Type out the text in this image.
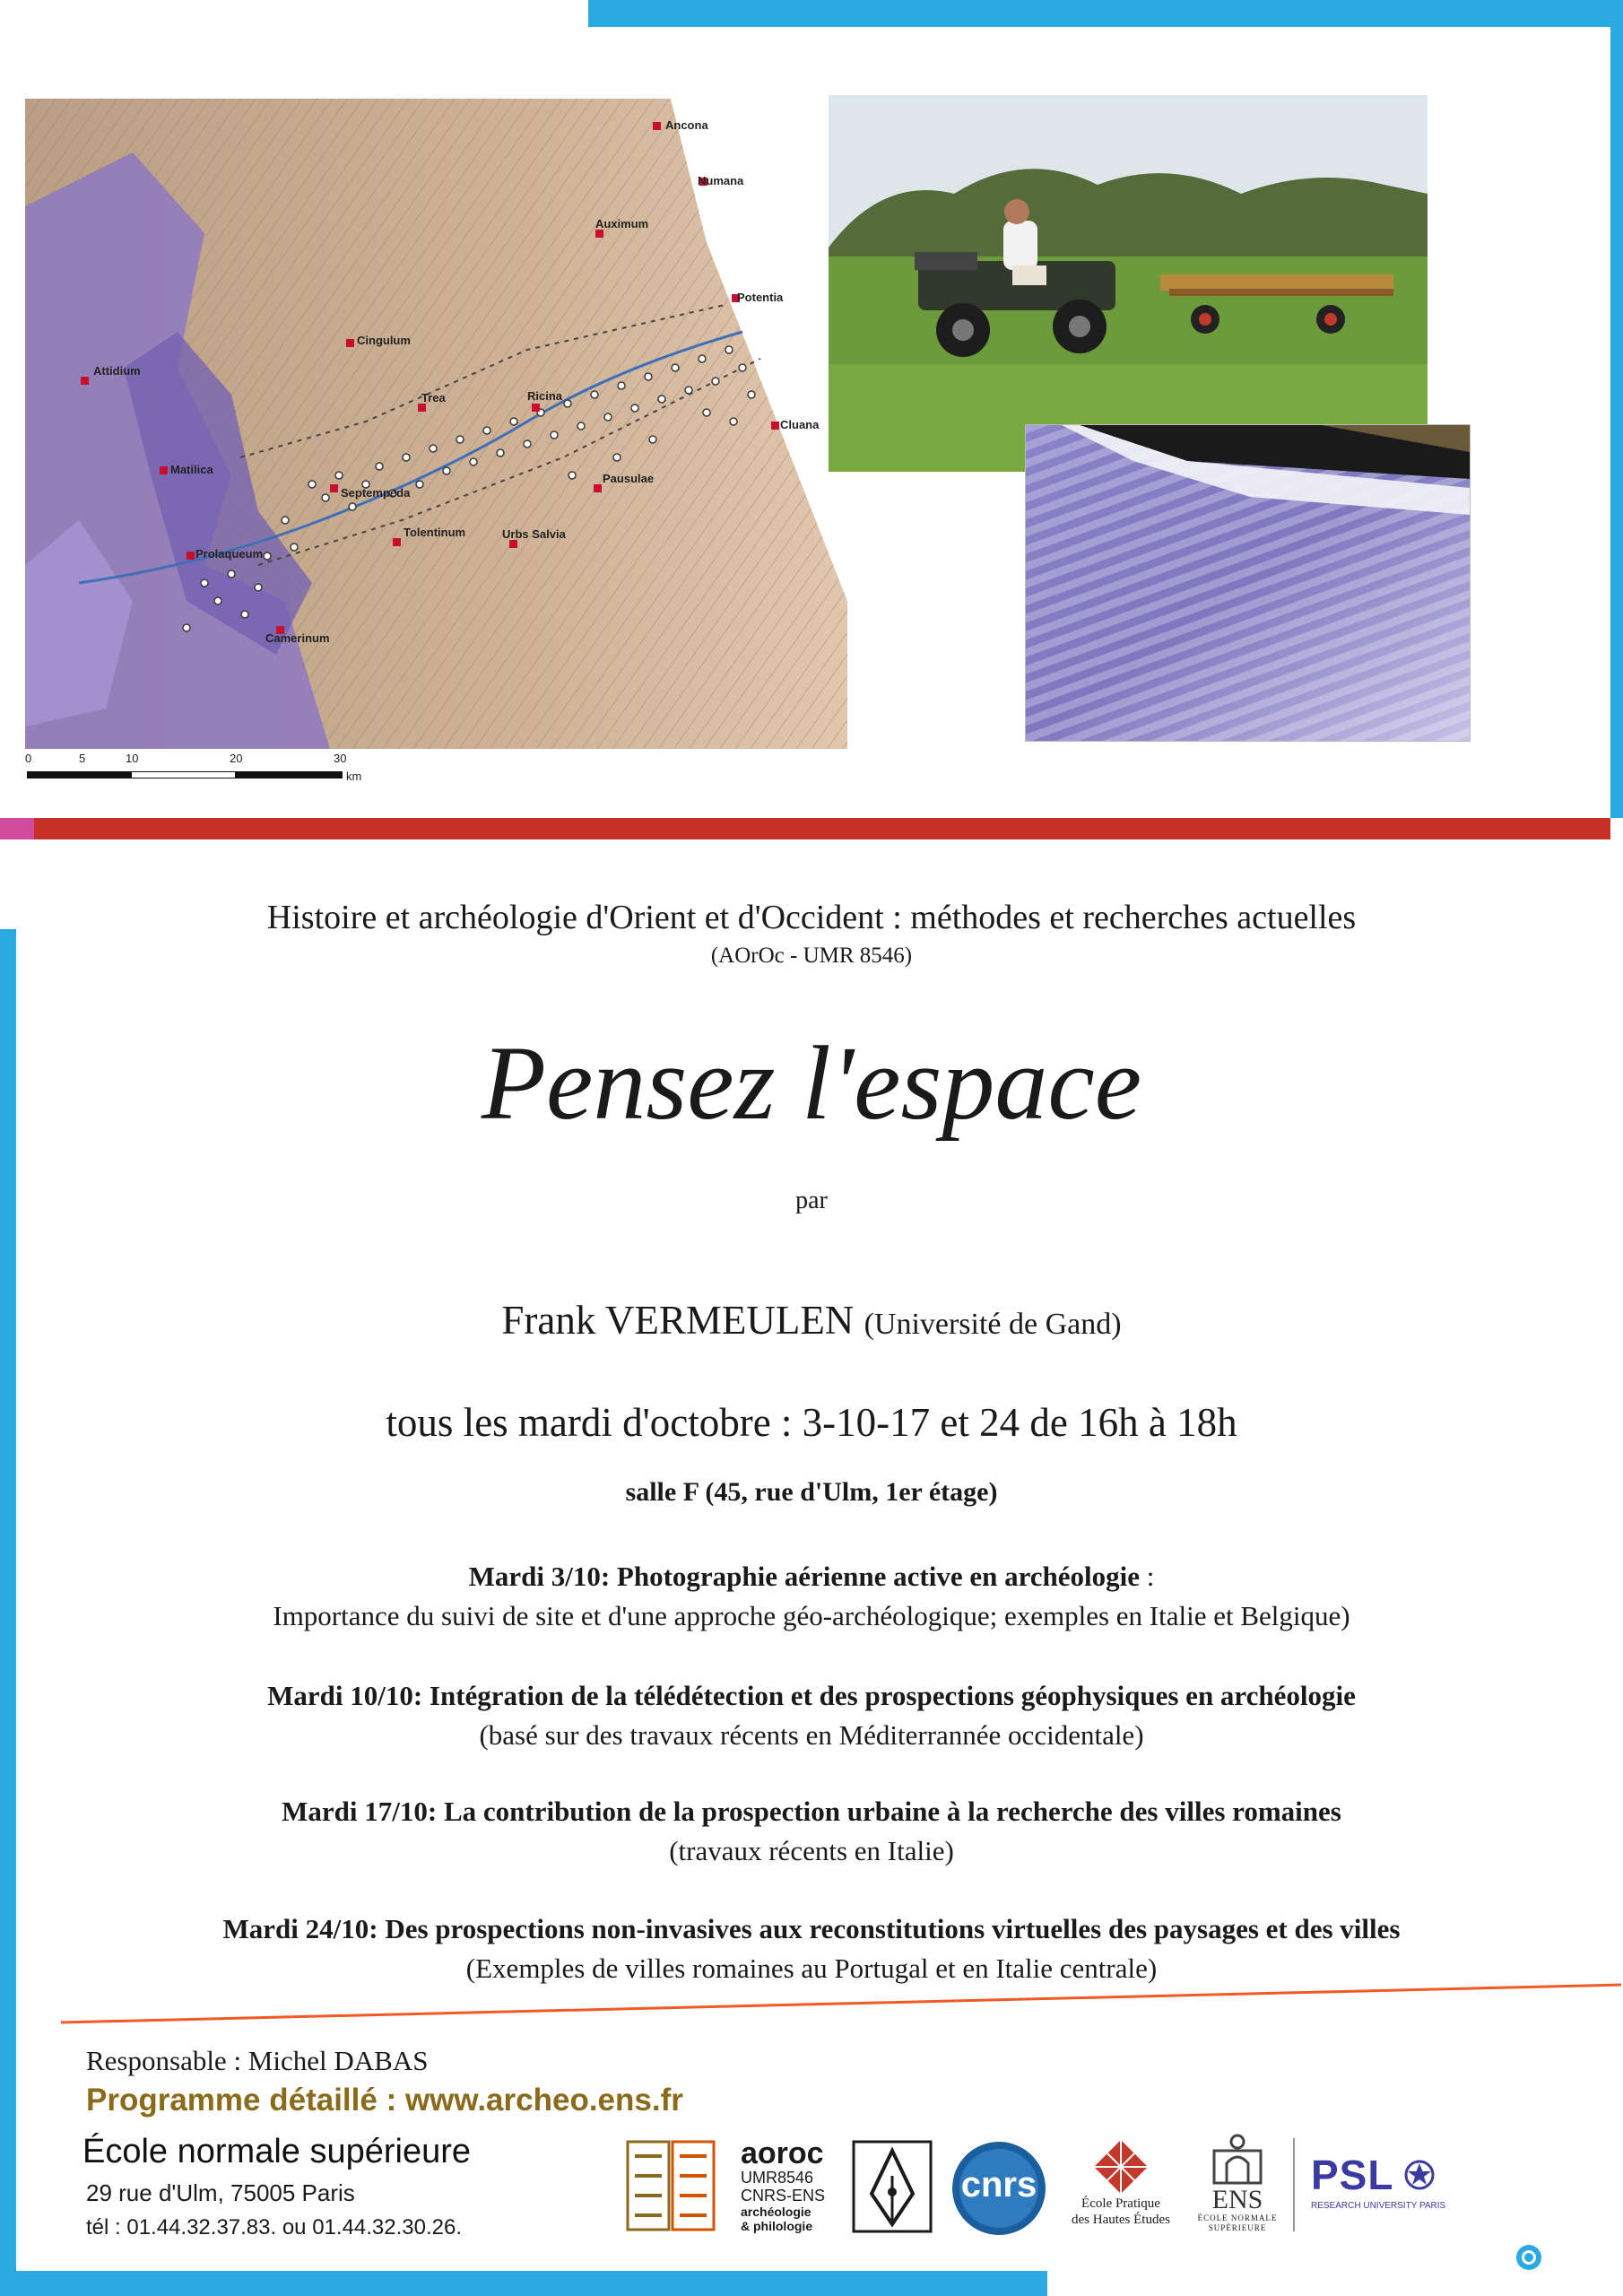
Ancona
Numana
Auximum
Potentia
Cingulum
Attidium
Trea	Ricina
Cluana
Pausulae
Septempeda
Tolentinum	Urbs Salvia
Matilica
Prolaqueum
Camerinum
0	5	10	20	30
km
Histoire et archéologie d'Orient et d'Occident : méthodes et recherches actuelles
(AOrOc - UMR 8546)
Pensez l'espace
par
Frank VERMEULEN (Université de Gand)
tous les mardi d'octobre : 3-10-17 et 24 de 16h à 18h
salle F (45, rue d'Ulm, 1er étage)
Mardi 3/10: Photographie aérienne active en archéologie :
Importance du suivi de site et d'une approche géo-archéologique; exemples en Italie et Belgique)
Mardi 10/10: Intégration de la télédétection et des prospections géophysiques en archéologie
(basé sur des travaux récents en Méditerrannée occidentale)
Mardi 17/10: La contribution de la prospection urbaine à la recherche des villes romaines
(travaux récents en Italie)
Mardi 24/10: Des prospections non-invasives aux reconstitutions virtuelles des paysages et des villes
(Exemples de villes romaines au Portugal et en Italie centrale)
Responsable : Michel DABAS
Programme détaillé : www.archeo.ens.fr
École normale supérieure
29 rue d'Ulm, 75005 Paris
tél : 01.44.32.37.83. ou 01.44.32.30.26.
aoroc
UMR8546
CNRS-ENS
archéologie
& philologie
cnrs	École Pratique
des Hautes Études
ENS
ÉCOLE NORMALE
SUPÉRIEURE
PSL
RESEARCH UNIVERSITY PARIS
